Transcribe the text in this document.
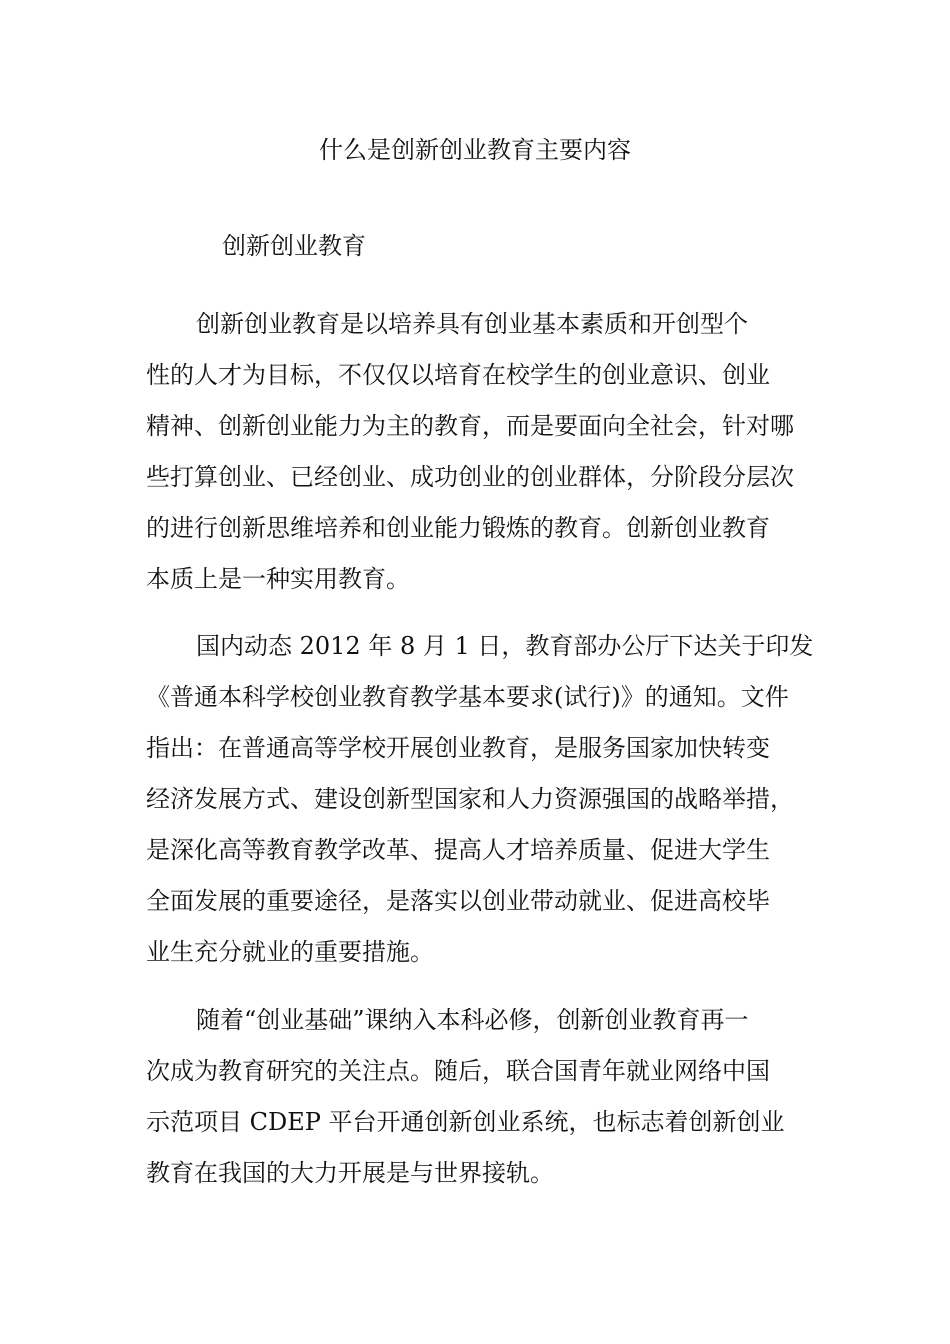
什么是创新创业教育主要内容
创新创业教育
创新创业教育是以培养具有创业基本素质和开创型个
性的人才为目标，不仅仅以培育在校学生的创业意识、创业
精神、创新创业能力为主的教育，而是要面向全社会，针对哪
些打算创业、已经创业、成功创业的创业群体，分阶段分层次
的进行创新思维培养和创业能力锻炼的教育。创新创业教育
本质上是一种实用教育。
国内动态 2012 年 8 月 1 日，教育部办公厅下达关于印发
《普通本科学校创业教育教学基本要求(试行)》的通知。文件
指出：在普通高等学校开展创业教育，是服务国家加快转变
经济发展方式、建设创新型国家和人力资源强国的战略举措，
是深化高等教育教学改革、提高人才培养质量、促进大学生
全面发展的重要途径，是落实以创业带动就业、促进高校毕
业生充分就业的重要措施。
随着“创业基础”课纳入本科必修，创新创业教育再一
次成为教育研究的关注点。随后，联合国青年就业网络中国
示范项目 CDEP 平台开通创新创业系统，也标志着创新创业
教育在我国的大力开展是与世界接轨。
